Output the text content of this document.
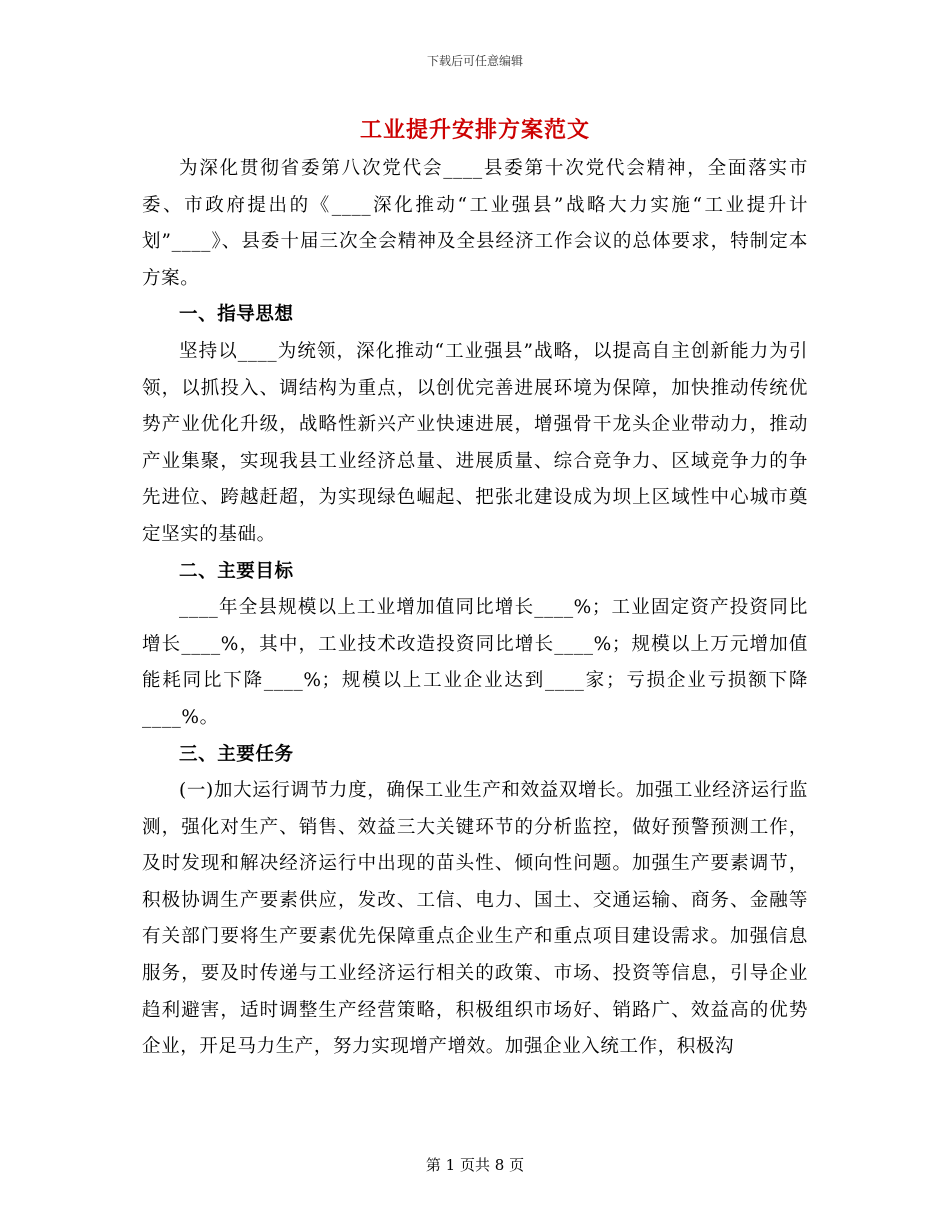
下载后可任意编辑
工业提升安排方案范文

为深化贯彻省委第八次党代会____县委第十次党代会精神，全面落实市委、市政府提出的《____深化推动“工业强县”战略大力实施“工业提升计划”____》、县委十届三次全会精神及全县经济工作会议的总体要求，特制定本方案。

一、指导思想

坚持以____为统领，深化推动“工业强县”战略，以提高自主创新能力为引领，以抓投入、调结构为重点，以创优完善进展环境为保障，加快推动传统优势产业优化升级，战略性新兴产业快速进展，增强骨干龙头企业带动力，推动产业集聚，实现我县工业经济总量、进展质量、综合竞争力、区域竞争力的争先进位、跨越赶超，为实现绿色崛起、把张北建设成为坝上区域性中心城市奠定坚实的基础。

二、主要目标

____年全县规模以上工业增加值同比增长____%；工业固定资产投资同比增长____%，其中，工业技术改造投资同比增长____%；规模以上万元增加值能耗同比下降____%；规模以上工业企业达到____家；亏损企业亏损额下降____%。

三、主要任务

(一)加大运行调节力度，确保工业生产和效益双增长。加强工业经济运行监测，强化对生产、销售、效益三大关键环节的分析监控，做好预警预测工作，及时发现和解决经济运行中出现的苗头性、倾向性问题。加强生产要素调节，积极协调生产要素供应，发改、工信、电力、国土、交通运输、商务、金融等有关部门要将生产要素优先保障重点企业生产和重点项目建设需求。加强信息服务，要及时传递与工业经济运行相关的政策、市场、投资等信息，引导企业趋利避害，适时调整生产经营策略，积极组织市场好、销路广、效益高的优势企业，开足马力生产，努力实现增产增效。加强企业入统工作，积极沟

第 1 页共 8 页
